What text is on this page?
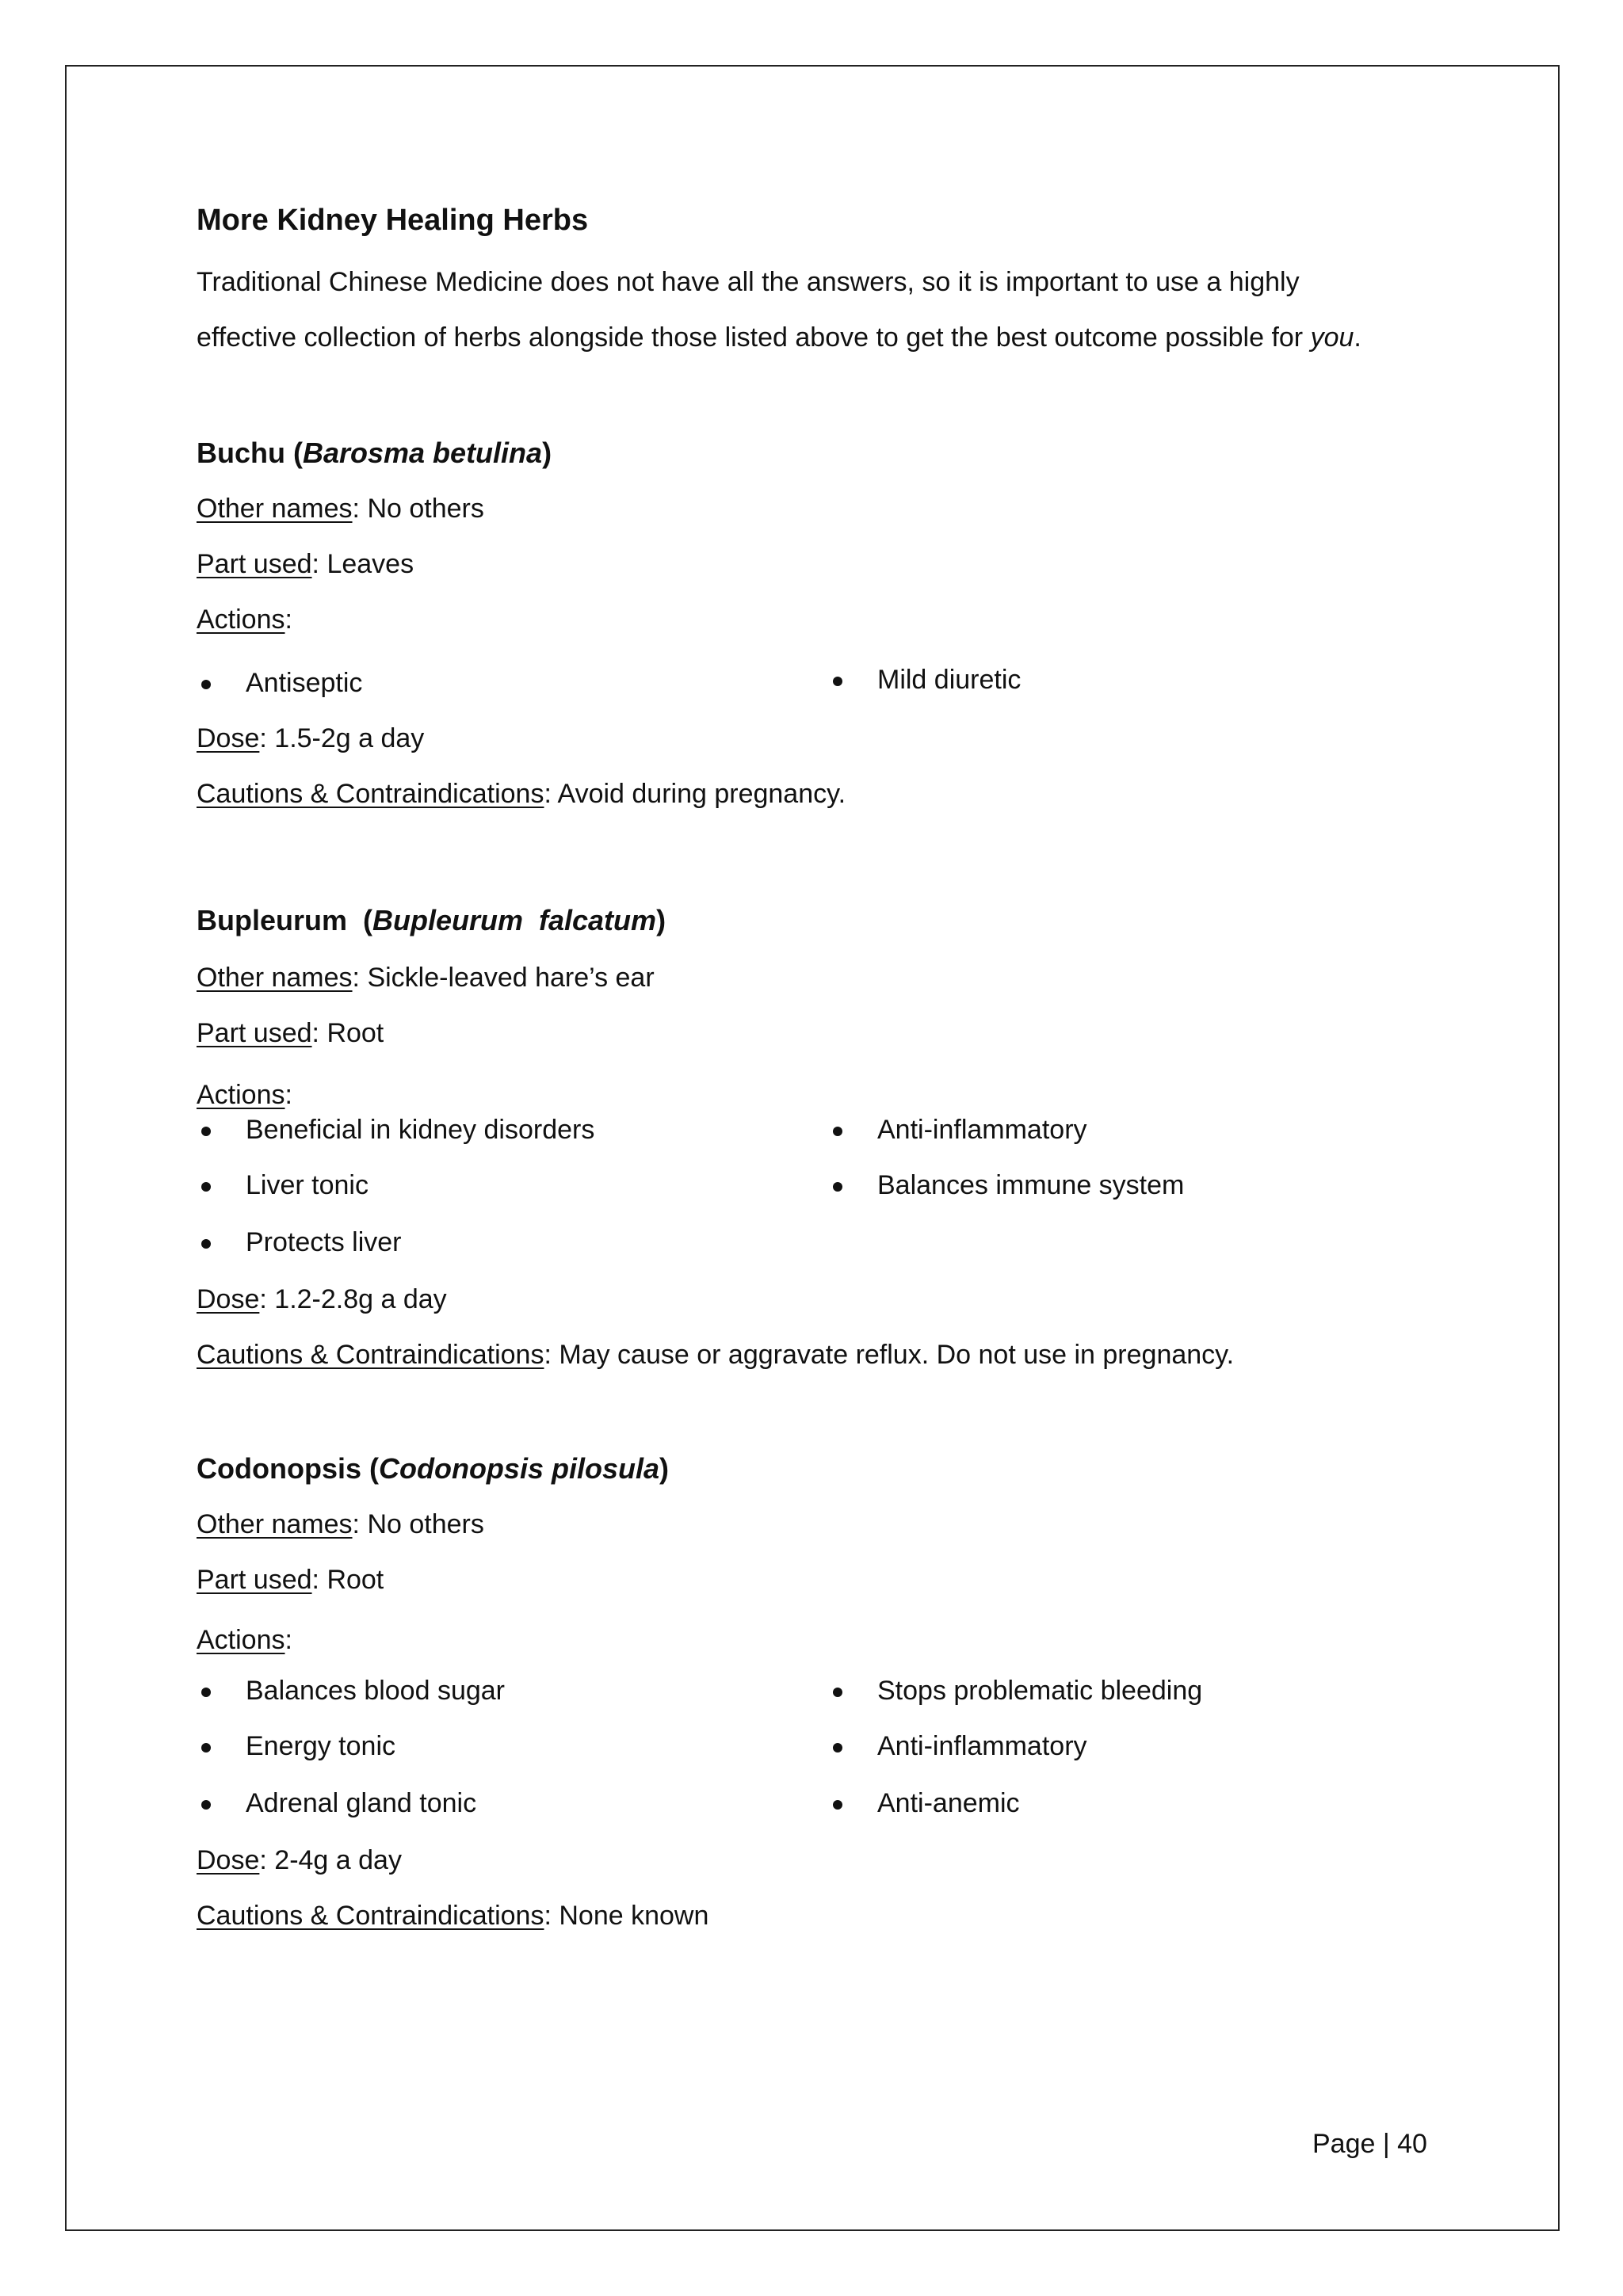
More Kidney Healing Herbs
Traditional Chinese Medicine does not have all the answers, so it is important to use a highly
effective collection of herbs alongside those listed above to get the best outcome possible for you.
Buchu (Barosma betulina)
Other names: No others
Part used: Leaves
Actions:
Antiseptic	Mild diuretic
Dose: 1.5-2g a day
Cautions & Contraindications: Avoid during pregnancy.
Bupleurum  (Bupleurum  falcatum)
Other names: Sickle-leaved hare’s ear
Part used: Root
Actions:
Beneficial in kidney disorders	Anti-inflammatory
Liver tonic	Balances immune system
Protects liver
Dose: 1.2-2.8g a day
Cautions & Contraindications: May cause or aggravate reflux. Do not use in pregnancy.
Codonopsis (Codonopsis pilosula)
Other names: No others
Part used: Root
Actions:
Balances blood sugar	Stops problematic bleeding
Energy tonic	Anti-inflammatory
Adrenal gland tonic	Anti-anemic
Dose: 2-4g a day
Cautions & Contraindications: None known
Page | 40
